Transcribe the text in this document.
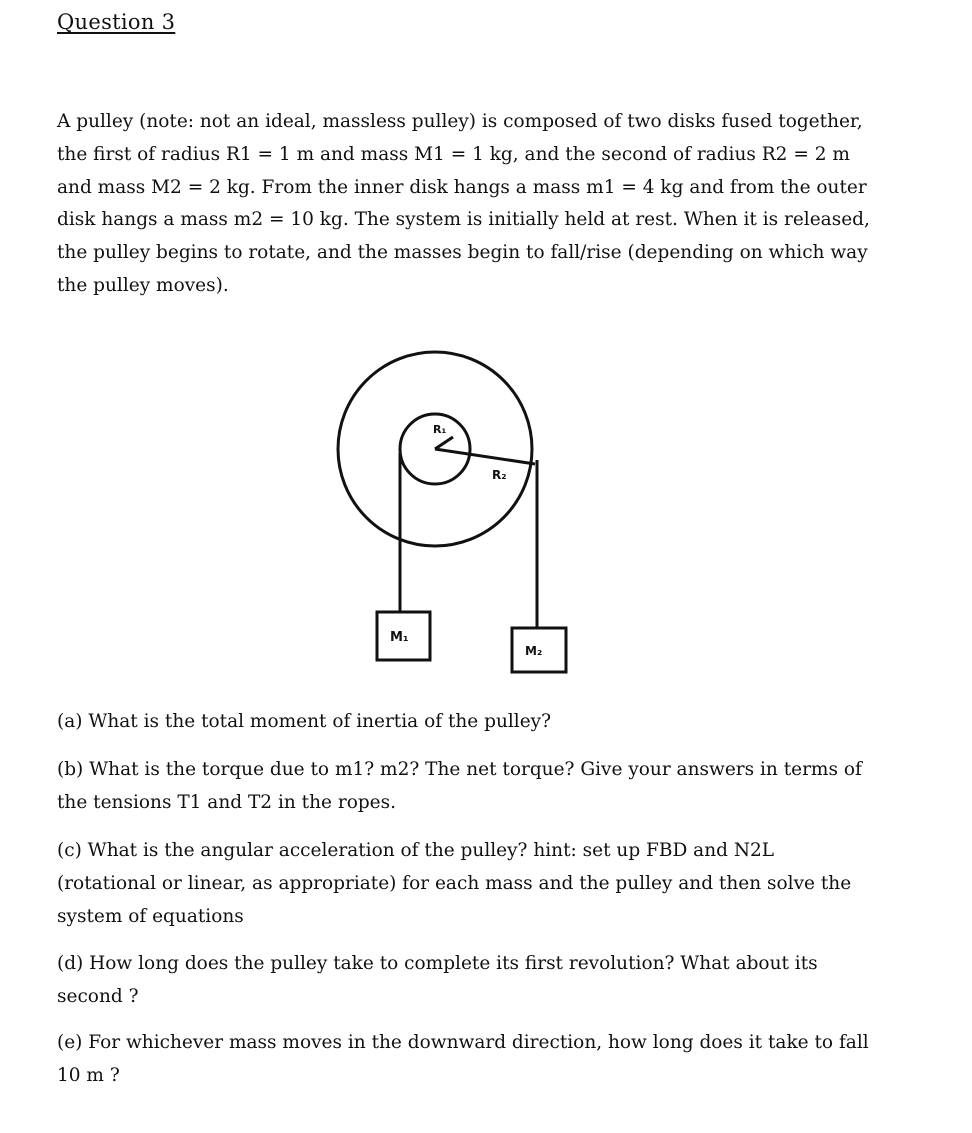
Question 3
A pulley (note: not an ideal, massless pulley) is composed of two disks fused together,
the first of radius R1 = 1 m and mass M1 = 1 kg, and the second of radius R2 = 2 m
and mass M2 = 2 kg. From the inner disk hangs a mass m1 = 4 kg and from the outer
disk hangs a mass m2 = 10 kg. The system is initially held at rest. When it is released,
the pulley begins to rotate, and the masses begin to fall/rise (depending on which way
the pulley moves).
R₁
R₂
M₁
M₂
(a) What is the total moment of inertia of the pulley?
(b) What is the torque due to m1? m2? The net torque? Give your answers in terms of
the tensions T1 and T2 in the ropes.
(c) What is the angular acceleration of the pulley? hint: set up FBD and N2L
(rotational or linear, as appropriate) for each mass and the pulley and then solve the
system of equations
(d) How long does the pulley take to complete its first revolution? What about its
second ?
(e) For whichever mass moves in the downward direction, how long does it take to fall
10 m ?
